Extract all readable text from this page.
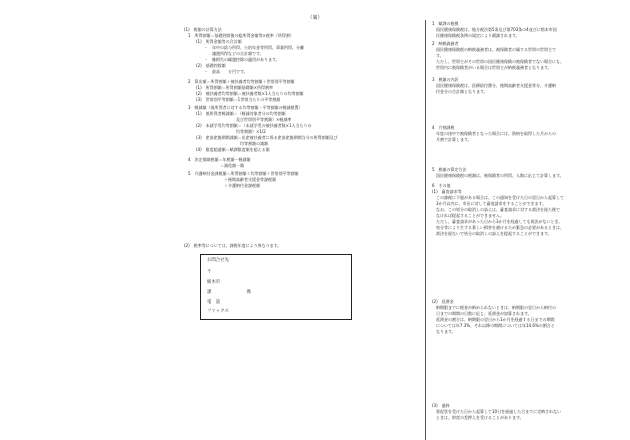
（裏）
(1)　税額の計算方法
1　所得割額＝基礎控除後の総所得金額等×税率（所得割）
(1)　所得金額等の合計額
・　年中の給与所得、公的年金等所得、事業所得、分離
　　譲渡所得などの合計額です。
・　雑損失の繰越控除の適用があります。
(2)　基礎控除額
・　最高　　万円です。
2　算出額＝所得割額＋被扶養者均等割額＋世帯別平等割額
(1)　所得割額＝所得割額基礎額×所得割率
(2)　被扶養者均等割額＝被扶養者数×1人当たりの均等割額
(3)　世帯別平等割額＝1世帯当たりの平等割額
3　軽減額（低所得者に対する均等割額・平等割額の軽減措置）
(1)　低所得者軽減額＝（軽減対象者分の均等割額
　　　　　　　　　　及び世帯別平等割額）×軽減率
(2)　未就学児均等割額＝（未就学児の被扶養者数×1人当たりの
　　　　　　　　　　均等割額）×1/2
(3)　産前産後期間減額＝出産被扶養者に係る産前産後期間当分の所得割額及び
　　　　　　　　　　　均等割額の減額
(4)　限度超過額＝賦課限度額を超える額
4　決定保険税額＝年税額－軽減額
　　　　　　　　＝減免額－額
5　介護納付金課税額＝所得割額＋均等割額＋世帯別平等割額
　　　　　　　　　＋後期高齢者支援金等課税額
　　　　　　　　　＋介護納付金課税額
(2)　税率等については、課税年度により異なります。
お問合せ先
〒
栃木市
課　　　　　　　　係
電　話
ファックス
1　賦課の根拠
　国民健康保険税は、地方税法第5条及び第703条の4並びに栃木市国
　民健康保険税条例の規定により賦課されます。
2　納税義務者
　国民健康保険税の納税義務者は、被保険者の属する世帯の世帯主で
　す。
　ただし、世帯主がその世帯の国民健康保険の被保険者でない場合にも、
　世帯内に被保険者がいる場合は世帯主が納税義務者となります。
3　税額の内訳
　国民健康保険税は、医療給付費分、後期高齢者支援金等分、介護納
　付金分の合計額となります。
4　月割課税
　年度の途中で被保険者となった場合には、資格を取得した月からの
　月割で計算します。
5　税額の算定方法
　国民健康保険税の税額は、被保険者の所得、人数に応じて計算します。
6　その他
(1)　審査請求等
　この課税に不服がある場合は、この通知を受けた日の翌日から起算して
　3か月以内に、市長に対して審査請求をすることができます。
　なお、この処分の取消しの訴えは、審査請求に対する裁決を経た後で
　なければ提起することができません。
　ただし、審査請求があった日から3か月を経過しても裁決がないとき、
　処分等により生ずる著しい損害を避けるため緊急の必要があるときは、
　裁決を経ないで処分の取消しの訴えを提起することができます。
(2)　延滞金
　納期限までに税金が納められないときは、納期限の翌日から納付の
　日までの期間の日数に応じ、延滞金が加算されます。
　延滞金の割合は、納期限の翌日から1か月を経過する日までの期間
　については年7.3%、それ以降の期間については年14.6%の割合と
　なります。
(3)　過料
　督促状を受けた日から起算して10日を経過した日までに完納されない
　ときは、財産の差押えを受けることがあります。
